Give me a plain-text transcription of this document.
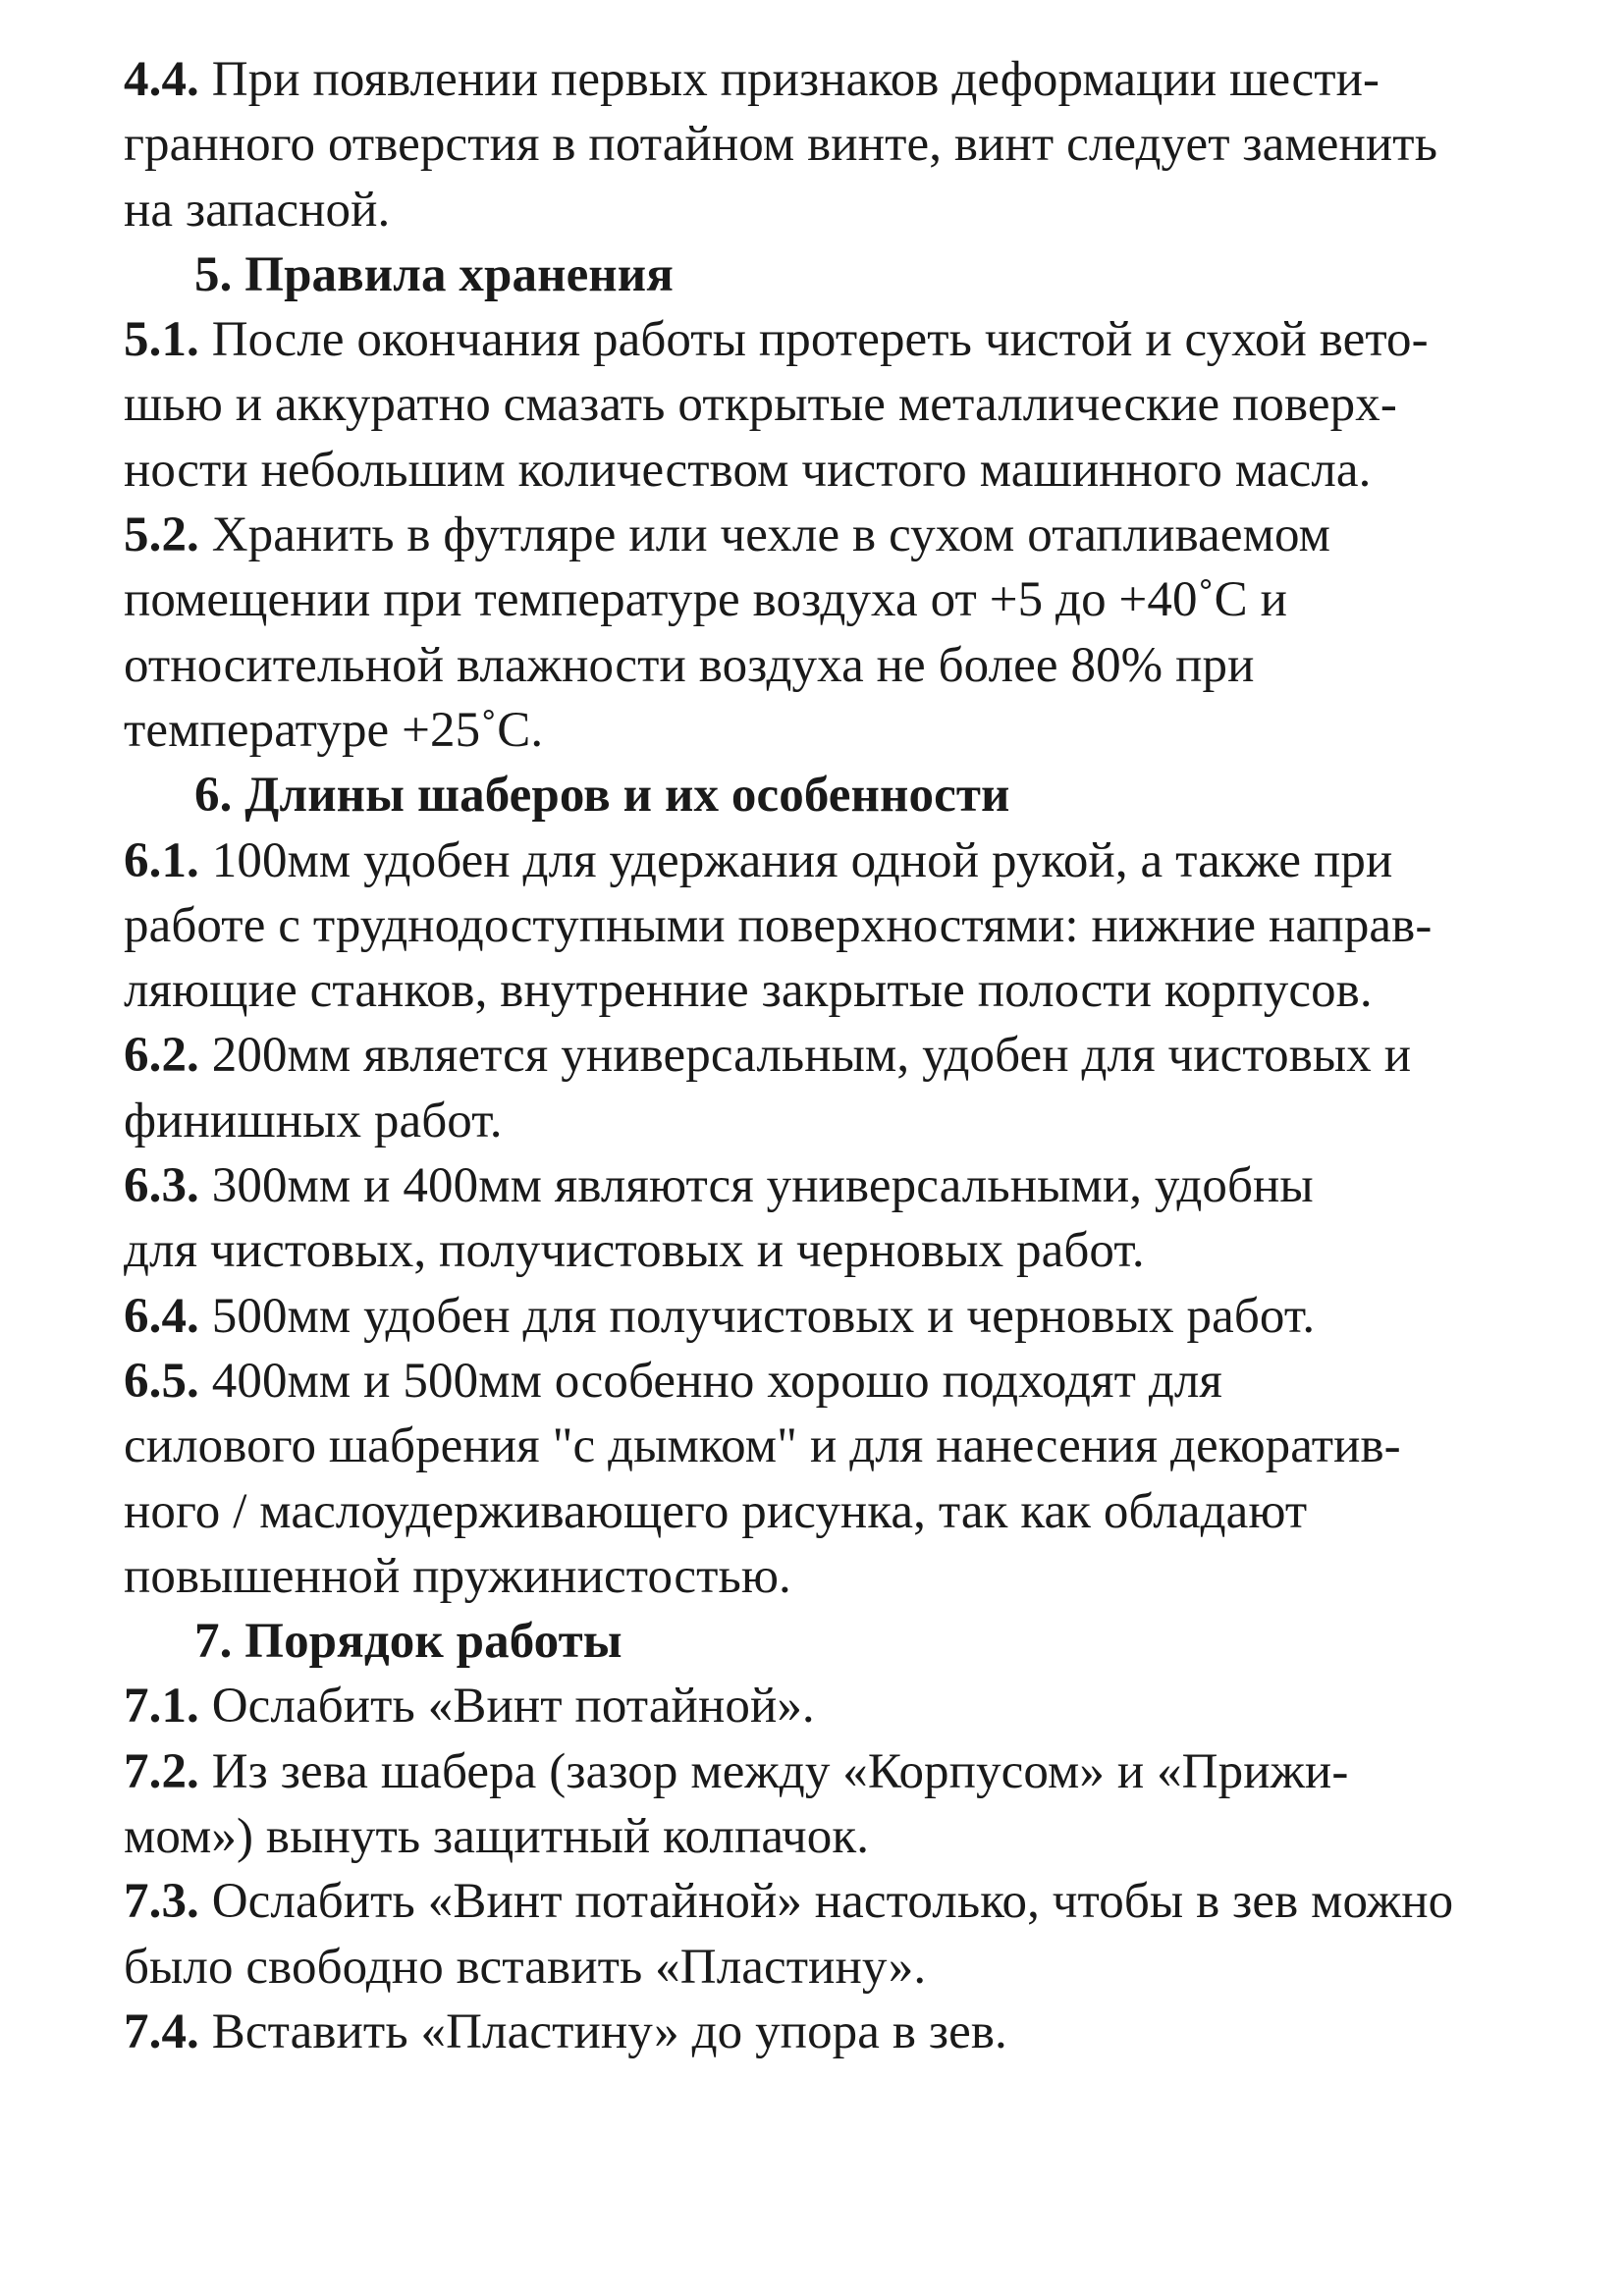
4.4. При появлении первых признаков деформации шести-
гранного отверстия в потайном винте, винт следует заменить
на запасной.
5. Правила хранения
5.1. После окончания работы протереть чистой и сухой вето-
шью и аккуратно смазать открытые металлические поверх-
ности небольшим количеством чистого машинного масла.
5.2. Хранить в футляре или чехле в сухом отапливаемом
помещении при температуре воздуха от +5 до +40˚С и
относительной влажности воздуха не более 80% при
температуре +25˚С.
6. Длины шаберов и их особенности
6.1. 100мм удобен для удержания одной рукой, а также при
работе с труднодоступными поверхностями: нижние направ-
ляющие станков, внутренние закрытые полости корпусов.
6.2. 200мм является универсальным, удобен для чистовых и
финишных работ.
6.3. 300мм и 400мм являются универсальными, удобны
для чистовых, получистовых и черновых работ.
6.4. 500мм удобен для получистовых и черновых работ.
6.5. 400мм и 500мм особенно хорошо подходят для
силового шабрения "с дымком" и для нанесения декоратив-
ного / маслоудерживающего рисунка, так как обладают
повышенной пружинистостью.
7. Порядок работы
7.1. Ослабить «Винт потайной».
7.2. Из зева шабера (зазор между «Корпусом» и «Прижи-
мом») вынуть защитный колпачок.
7.3. Ослабить «Винт потайной» настолько, чтобы в зев можно
было свободно вставить «Пластину».
7.4. Вставить «Пластину» до упора в зев.
